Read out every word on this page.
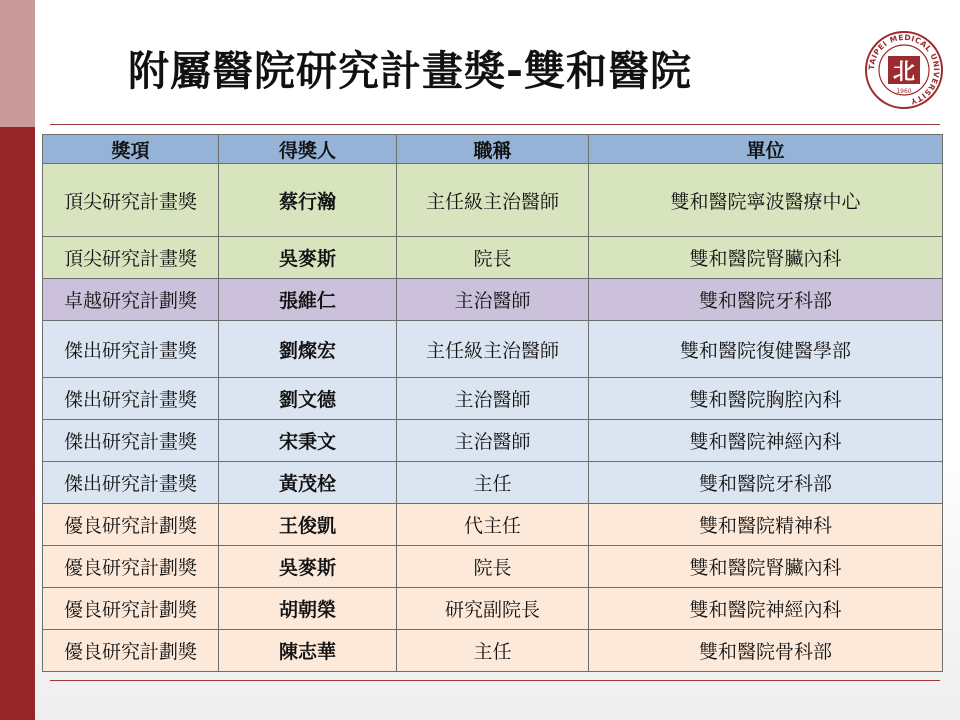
附屬醫院研究計畫獎-雙和醫院	TAIPEI MEDICAL UNIVERSITY
北
1960
獎項	得獎人	職稱	單位
頂尖研究計畫獎	蔡行瀚	主任級主治醫師	雙和醫院寧波醫療中心
頂尖研究計畫獎	吳麥斯	院長	雙和醫院腎臟內科
卓越研究計劃獎	張維仁	主治醫師	雙和醫院牙科部
傑出研究計畫獎	劉燦宏	主任級主治醫師	雙和醫院復健醫學部
傑出研究計畫獎	劉文德	主治醫師	雙和醫院胸腔內科
傑出研究計畫獎	宋秉文	主治醫師	雙和醫院神經內科
傑出研究計畫獎	黃茂栓	主任	雙和醫院牙科部
優良研究計劃獎	王俊凱	代主任	雙和醫院精神科
優良研究計劃獎	吳麥斯	院長	雙和醫院腎臟內科
優良研究計劃獎	胡朝榮	研究副院長	雙和醫院神經內科
優良研究計劃獎	陳志華	主任	雙和醫院骨科部
